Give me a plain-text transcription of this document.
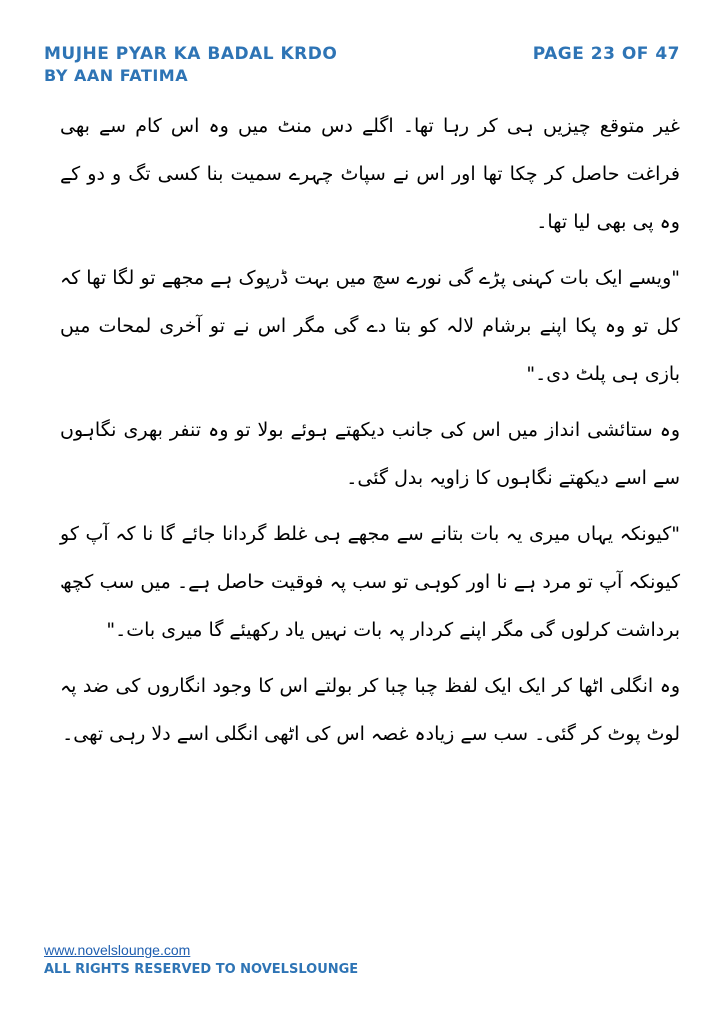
MUJHE PYAR KA BADAL KRDO
BY AAN FATIMA
PAGE 23 OF 47

غیر متوقع چیزیں ہی کر رہا تھا۔ اگلے دس منٹ میں وہ اس کام سے بھی فراغت حاصل کر چکا تھا اور اس نے سپاٹ چہرے سمیت بنا کسی تگ و دو کے وہ پی بھی لیا تھا۔

"ویسے ایک بات کہنی پڑے گی نورے سچ میں بہت ڈرپوک ہے مجھے تو لگا تھا کہ کل تو وہ پکا اپنے برشام لالہ کو بتا دے گی مگر اس نے تو آخری لمحات میں بازی ہی پلٹ دی۔"

وہ ستائشی انداز میں اس کی جانب دیکھتے ہوئے بولا تو وہ تنفر بھری نگاہوں سے اسے دیکھتے نگاہوں کا زاویہ بدل گئی۔

"کیونکہ یہاں میری یہ بات بتانے سے مجھے ہی غلط گردانا جائے گا نا کہ آپ کو کیونکہ آپ تو مرد ہے نا اور کوہی تو سب پہ فوقیت حاصل ہے۔ میں سب کچھ برداشت کرلوں گی مگر اپنے کردار پہ بات نہیں یاد رکھیئے گا میری بات۔"

وہ انگلی اٹھا کر ایک ایک لفظ چبا چبا کر بولتے اس کا وجود انگاروں کی ضد پہ لوٹ پوٹ کر گئی۔ سب سے زیادہ غصہ اس کی اٹھی انگلی اسے دلا رہی تھی۔

www.novelslounge.com
ALL RIGHTS RESERVED TO NOVELSLOUNGE
